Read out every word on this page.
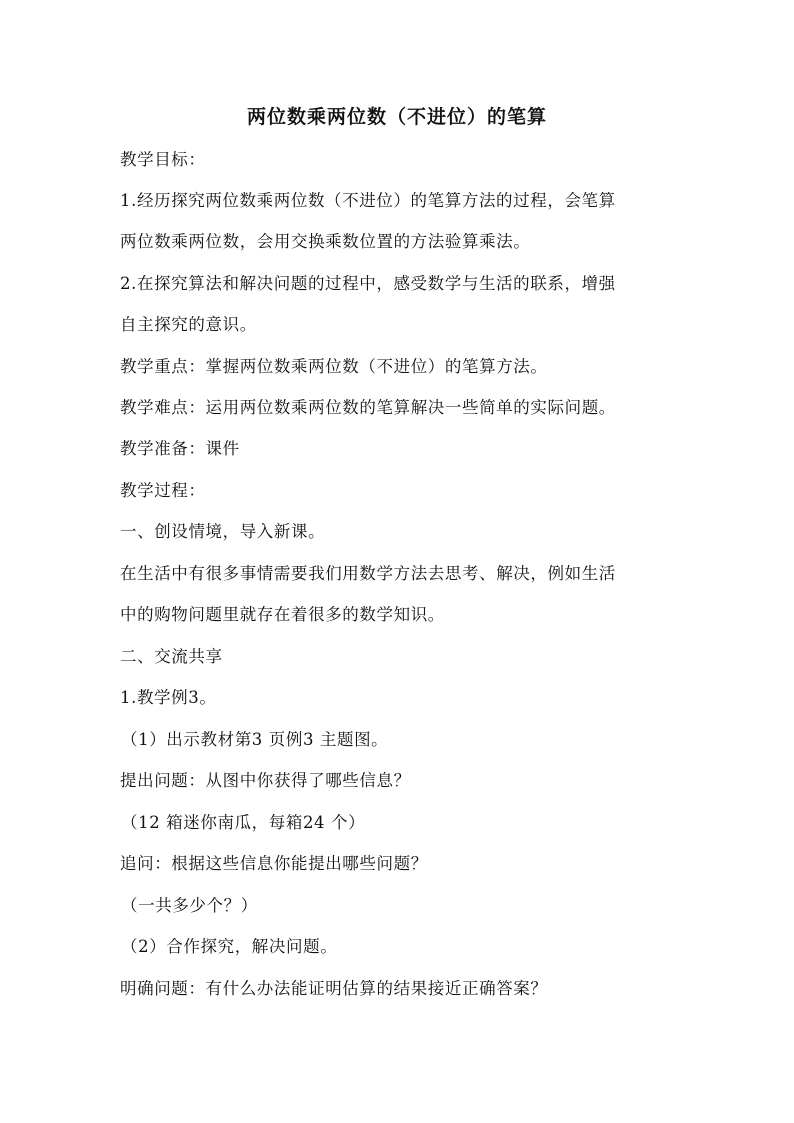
两位数乘两位数（不进位）的笔算

教学目标：

1.经历探究两位数乘两位数（不进位）的笔算方法的过程，会笔算

两位数乘两位数，会用交换乘数位置的方法验算乘法。

2.在探究算法和解决问题的过程中，感受数学与生活的联系，增强

自主探究的意识。

教学重点：掌握两位数乘两位数（不进位）的笔算方法。

教学难点：运用两位数乘两位数的笔算解决一些简单的实际问题。

教学准备：课件

教学过程：

一、创设情境，导入新课。

在生活中有很多事情需要我们用数学方法去思考、解决，例如生活

中的购物问题里就存在着很多的数学知识。

二、交流共享

1.教学例3。

（1）出示教材第3 页例3 主题图。

提出问题：从图中你获得了哪些信息？

（12 箱迷你南瓜，每箱24 个）

追问：根据这些信息你能提出哪些问题？

（一共多少个？）

（2）合作探究，解决问题。

明确问题：有什么办法能证明估算的结果接近正确答案？
